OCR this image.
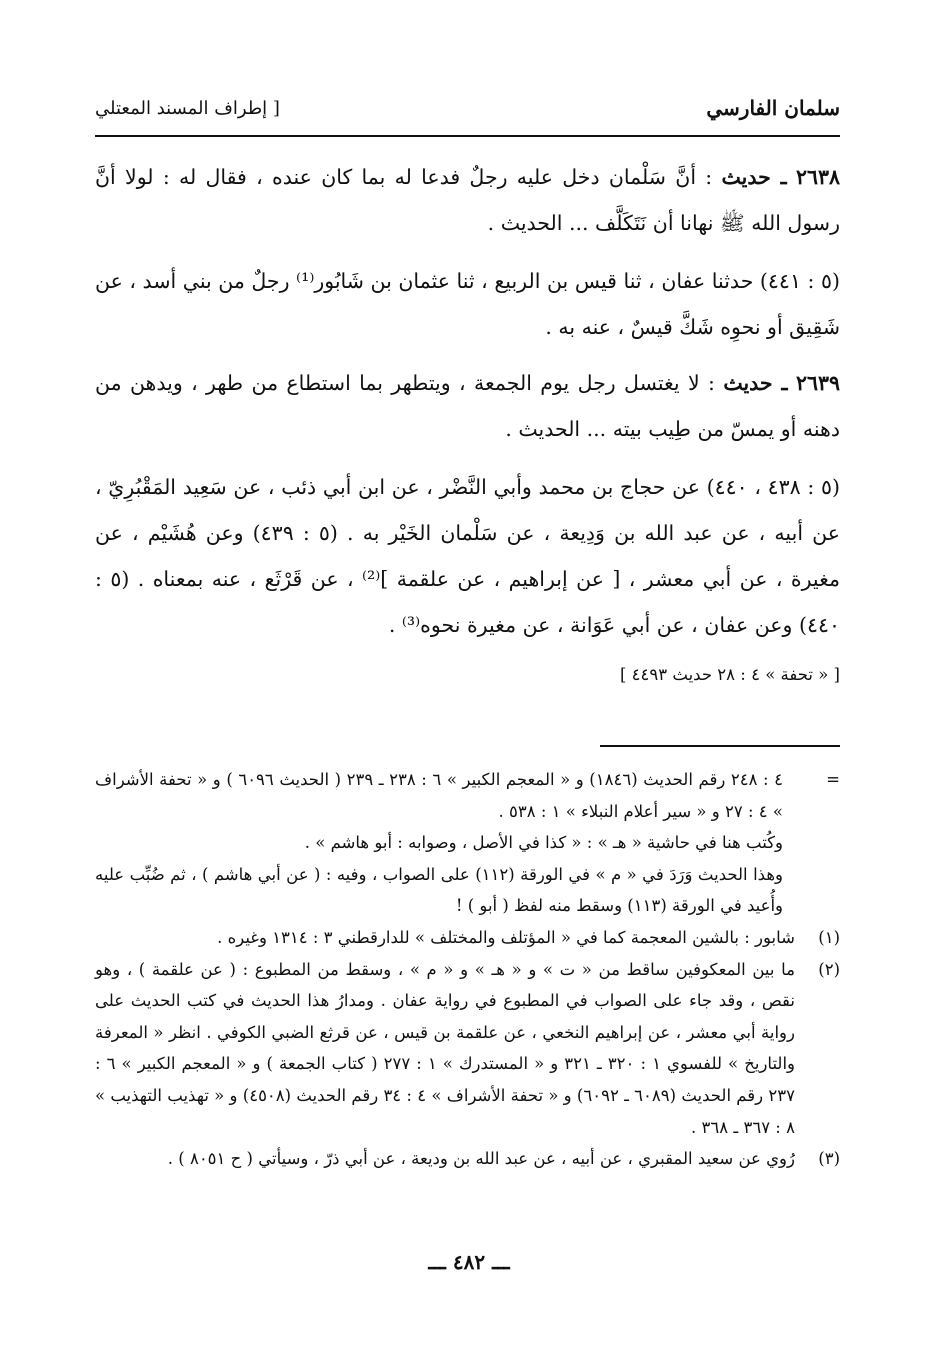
سلمان الفارسي
[ إطراف المسند المعتلي
٢٦٣٨ ـ حديث : أنَّ سَلْمان دخل عليه رجلٌ فدعا له بما كان عنده ، فقال له : لولا أنَّ رسول الله ﷺ نهانا أن نَتَكَلَّف ... الحديث .
(٥ : ٤٤١) حدثنا عفان ، ثنا قيس بن الربيع ، ثنا عثمان بن شَابُور⁽¹⁾ رجلٌ من بني أسد ، عن شَقِيق أو نحوِه شَكَّ قيسٌ ، عنه به .
٢٦٣٩ ـ حديث : لا يغتسل رجل يوم الجمعة ، ويتطهر بما استطاع من طهر ، ويدهن من دهنه أو يمسّ من طِيب بيته ... الحديث .
(٥ : ٤٣٨ ، ٤٤٠) عن حجاج بن محمد وأبي النَّضْر ، عن ابن أبي ذئب ، عن سَعِيد المَقْبُرِيّ ، عن أبيه ، عن عبد الله بن وَدِيعة ، عن سَلْمان الخَيْر به . (٥ : ٤٣٩) وعن هُشَيْم ، عن مغيرة ، عن أبي معشر ، [ عن إبراهيم ، عن علقمة ]⁽²⁾ ، عن قَرْثَع ، عنه بمعناه . (٥ : ٤٤٠) وعن عفان ، عن أبي عَوَانة ، عن مغيرة نحوه⁽³⁾ .
[ « تحفة » ٤ : ٢٨ حديث ٤٤٩٣ ]
=
٤ : ٢٤٨ رقم الحديث (١٨٤٦) و « المعجم الكبير » ٦ : ٢٣٨ ـ ٢٣٩ ( الحديث ٦٠٩٦ ) و « تحفة الأشراف » ٤ : ٢٧ و « سير أعلام النبلاء » ١ : ٥٣٨ .
وكُتب هنا في حاشية « هـ » : « كذا في الأصل ، وصوابه : أبو هاشم » .
وهذا الحديث وَرَدَ في « م » في الورقة (١١٢) على الصواب ، وفيه : ( عن أبي هاشم ) ، ثم ضُبِّب عليه وأُعيد في الورقة (١١٣) وسقط منه لفظ ( أبو ) !
(١)
شابور : بالشين المعجمة كما في « المؤتلف والمختلف » للدارقطني ٣ : ١٣١٤ وغيره .
(٢)
ما بين المعكوفين ساقط من « ت » و « هـ » و « م » ، وسقط من المطبوع : ( عن علقمة ) ، وهو نقص ، وقد جاء على الصواب في المطبوع في رواية عفان . ومدارُ هذا الحديث في كتب الحديث على رواية أبي معشر ، عن إبراهيم النخعي ، عن علقمة بن قيس ، عن قرثع الضبي الكوفي . انظر « المعرفة والتاريخ » للفسوي ١ : ٣٢٠ ـ ٣٢١ و « المستدرك » ١ : ٢٧٧ ( كتاب الجمعة ) و « المعجم الكبير » ٦ : ٢٣٧ رقم الحديث (٦٠٨٩ ـ ٦٠٩٢) و « تحفة الأشراف » ٤ : ٣٤ رقم الحديث (٤٥٠٨) و « تهذيب التهذيب » ٨ : ٣٦٧ ـ ٣٦٨ .
(٣)
رُوي عن سعيد المقبري ، عن أبيه ، عن عبد الله بن وديعة ، عن أبي ذرّ ، وسيأتي ( ح ٨٠٥١ ) .
ـــ ٤٨٢ ـــ
